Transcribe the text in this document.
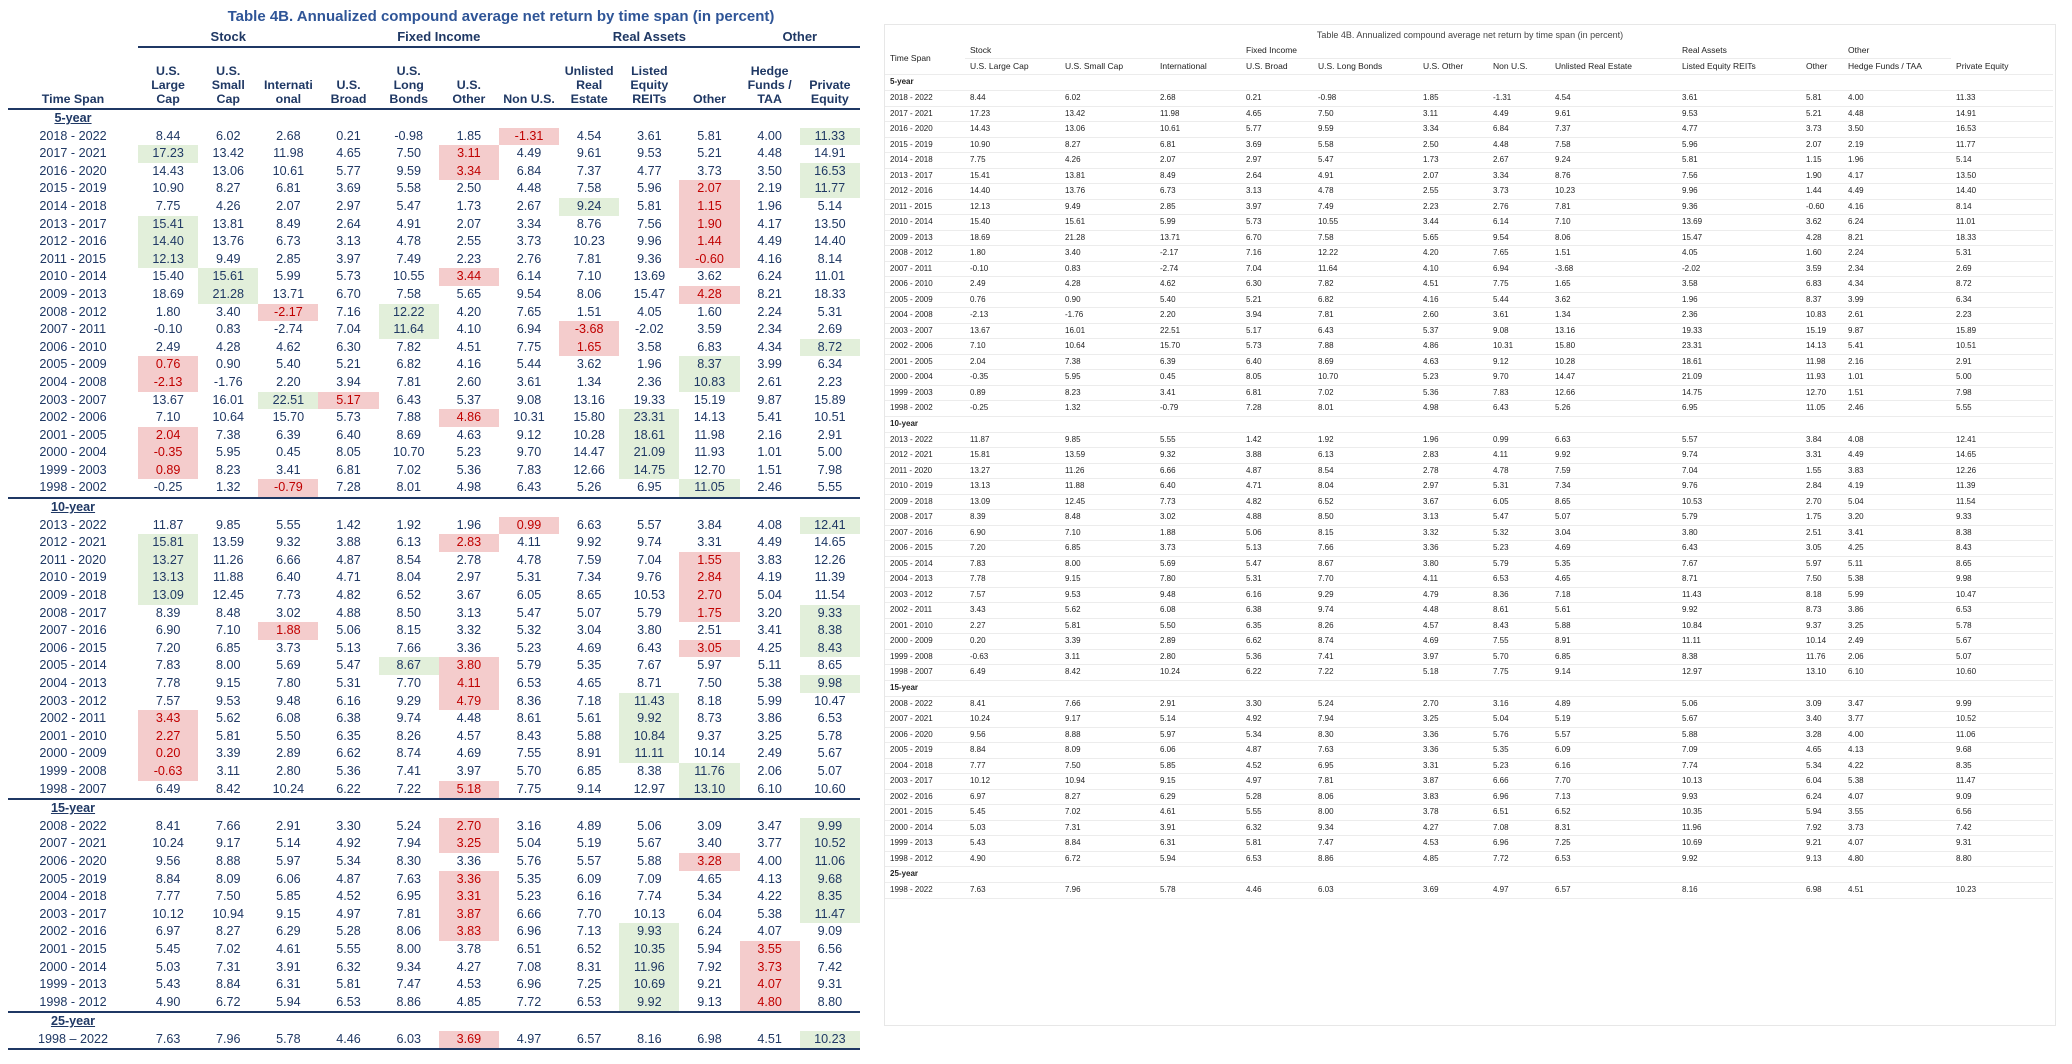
Table 4B. Annualized compound average net return by time span (in percent)
	Stock			Fixed Income				Real Assets			Other	
Time Span	U.S. Large Cap	U.S. Small Cap	Internati onal	U.S. Broad	U.S. Long Bonds	U.S. Other	Non U.S.	Unlisted Real Estate	Listed Equity REITs	Other	Hedge Funds / TAA	Private Equity
5-year												
2018 - 2022	8.44	6.02	2.68	0.21	-0.98	1.85	-1.31	4.54	3.61	5.81	4.00	11.33
2017 - 2021	17.23	13.42	11.98	4.65	7.50	3.11	4.49	9.61	9.53	5.21	4.48	14.91
2016 - 2020	14.43	13.06	10.61	5.77	9.59	3.34	6.84	7.37	4.77	3.73	3.50	16.53
2015 - 2019	10.90	8.27	6.81	3.69	5.58	2.50	4.48	7.58	5.96	2.07	2.19	11.77
2014 - 2018	7.75	4.26	2.07	2.97	5.47	1.73	2.67	9.24	5.81	1.15	1.96	5.14
2013 - 2017	15.41	13.81	8.49	2.64	4.91	2.07	3.34	8.76	7.56	1.90	4.17	13.50
2012 - 2016	14.40	13.76	6.73	3.13	4.78	2.55	3.73	10.23	9.96	1.44	4.49	14.40
2011 - 2015	12.13	9.49	2.85	3.97	7.49	2.23	2.76	7.81	9.36	-0.60	4.16	8.14
2010 - 2014	15.40	15.61	5.99	5.73	10.55	3.44	6.14	7.10	13.69	3.62	6.24	11.01
2009 - 2013	18.69	21.28	13.71	6.70	7.58	5.65	9.54	8.06	15.47	4.28	8.21	18.33
2008 - 2012	1.80	3.40	-2.17	7.16	12.22	4.20	7.65	1.51	4.05	1.60	2.24	5.31
2007 - 2011	-0.10	0.83	-2.74	7.04	11.64	4.10	6.94	-3.68	-2.02	3.59	2.34	2.69
2006 - 2010	2.49	4.28	4.62	6.30	7.82	4.51	7.75	1.65	3.58	6.83	4.34	8.72
2005 - 2009	0.76	0.90	5.40	5.21	6.82	4.16	5.44	3.62	1.96	8.37	3.99	6.34
2004 - 2008	-2.13	-1.76	2.20	3.94	7.81	2.60	3.61	1.34	2.36	10.83	2.61	2.23
2003 - 2007	13.67	16.01	22.51	5.17	6.43	5.37	9.08	13.16	19.33	15.19	9.87	15.89
2002 - 2006	7.10	10.64	15.70	5.73	7.88	4.86	10.31	15.80	23.31	14.13	5.41	10.51
2001 - 2005	2.04	7.38	6.39	6.40	8.69	4.63	9.12	10.28	18.61	11.98	2.16	2.91
2000 - 2004	-0.35	5.95	0.45	8.05	10.70	5.23	9.70	14.47	21.09	11.93	1.01	5.00
1999 - 2003	0.89	8.23	3.41	6.81	7.02	5.36	7.83	12.66	14.75	12.70	1.51	7.98
1998 - 2002	-0.25	1.32	-0.79	7.28	8.01	4.98	6.43	5.26	6.95	11.05	2.46	5.55
10-year												
2013 - 2022	11.87	9.85	5.55	1.42	1.92	1.96	0.99	6.63	5.57	3.84	4.08	12.41
2012 - 2021	15.81	13.59	9.32	3.88	6.13	2.83	4.11	9.92	9.74	3.31	4.49	14.65
2011 - 2020	13.27	11.26	6.66	4.87	8.54	2.78	4.78	7.59	7.04	1.55	3.83	12.26
2010 - 2019	13.13	11.88	6.40	4.71	8.04	2.97	5.31	7.34	9.76	2.84	4.19	11.39
2009 - 2018	13.09	12.45	7.73	4.82	6.52	3.67	6.05	8.65	10.53	2.70	5.04	11.54
2008 - 2017	8.39	8.48	3.02	4.88	8.50	3.13	5.47	5.07	5.79	1.75	3.20	9.33
2007 - 2016	6.90	7.10	1.88	5.06	8.15	3.32	5.32	3.04	3.80	2.51	3.41	8.38
2006 - 2015	7.20	6.85	3.73	5.13	7.66	3.36	5.23	4.69	6.43	3.05	4.25	8.43
2005 - 2014	7.83	8.00	5.69	5.47	8.67	3.80	5.79	5.35	7.67	5.97	5.11	8.65
2004 - 2013	7.78	9.15	7.80	5.31	7.70	4.11	6.53	4.65	8.71	7.50	5.38	9.98
2003 - 2012	7.57	9.53	9.48	6.16	9.29	4.79	8.36	7.18	11.43	8.18	5.99	10.47
2002 - 2011	3.43	5.62	6.08	6.38	9.74	4.48	8.61	5.61	9.92	8.73	3.86	6.53
2001 - 2010	2.27	5.81	5.50	6.35	8.26	4.57	8.43	5.88	10.84	9.37	3.25	5.78
2000 - 2009	0.20	3.39	2.89	6.62	8.74	4.69	7.55	8.91	11.11	10.14	2.49	5.67
1999 - 2008	-0.63	3.11	2.80	5.36	7.41	3.97	5.70	6.85	8.38	11.76	2.06	5.07
1998 - 2007	6.49	8.42	10.24	6.22	7.22	5.18	7.75	9.14	12.97	13.10	6.10	10.60
15-year												
2008 - 2022	8.41	7.66	2.91	3.30	5.24	2.70	3.16	4.89	5.06	3.09	3.47	9.99
2007 - 2021	10.24	9.17	5.14	4.92	7.94	3.25	5.04	5.19	5.67	3.40	3.77	10.52
2006 - 2020	9.56	8.88	5.97	5.34	8.30	3.36	5.76	5.57	5.88	3.28	4.00	11.06
2005 - 2019	8.84	8.09	6.06	4.87	7.63	3.36	5.35	6.09	7.09	4.65	4.13	9.68
2004 - 2018	7.77	7.50	5.85	4.52	6.95	3.31	5.23	6.16	7.74	5.34	4.22	8.35
2003 - 2017	10.12	10.94	9.15	4.97	7.81	3.87	6.66	7.70	10.13	6.04	5.38	11.47
2002 - 2016	6.97	8.27	6.29	5.28	8.06	3.83	6.96	7.13	9.93	6.24	4.07	9.09
2001 - 2015	5.45	7.02	4.61	5.55	8.00	3.78	6.51	6.52	10.35	5.94	3.55	6.56
2000 - 2014	5.03	7.31	3.91	6.32	9.34	4.27	7.08	8.31	11.96	7.92	3.73	7.42
1999 - 2013	5.43	8.84	6.31	5.81	7.47	4.53	6.96	7.25	10.69	9.21	4.07	9.31
1998 - 2012	4.90	6.72	5.94	6.53	8.86	4.85	7.72	6.53	9.92	9.13	4.80	8.80
25-year												
1998 – 2022	7.63	7.96	5.78	4.46	6.03	3.69	4.97	6.57	8.16	6.98	4.51	10.23
Table 4B. Annualized compound average net return by time span (in percent)
Time Span	Stock			Fixed Income					Real Assets		Other	
	U.S. Large Cap	U.S. Small Cap	International	U.S. Broad	U.S. Long Bonds	U.S. Other	Non U.S.	Unlisted Real Estate	Listed Equity REITs	Other	Hedge Funds / TAA	Private Equity
5-year												
2018 - 2022	8.44	6.02	2.68	0.21	-0.98	1.85	-1.31	4.54	3.61	5.81	4.00	11.33
2017 - 2021	17.23	13.42	11.98	4.65	7.50	3.11	4.49	9.61	9.53	5.21	4.48	14.91
2016 - 2020	14.43	13.06	10.61	5.77	9.59	3.34	6.84	7.37	4.77	3.73	3.50	16.53
2015 - 2019	10.90	8.27	6.81	3.69	5.58	2.50	4.48	7.58	5.96	2.07	2.19	11.77
2014 - 2018	7.75	4.26	2.07	2.97	5.47	1.73	2.67	9.24	5.81	1.15	1.96	5.14
2013 - 2017	15.41	13.81	8.49	2.64	4.91	2.07	3.34	8.76	7.56	1.90	4.17	13.50
2012 - 2016	14.40	13.76	6.73	3.13	4.78	2.55	3.73	10.23	9.96	1.44	4.49	14.40
2011 - 2015	12.13	9.49	2.85	3.97	7.49	2.23	2.76	7.81	9.36	-0.60	4.16	8.14
2010 - 2014	15.40	15.61	5.99	5.73	10.55	3.44	6.14	7.10	13.69	3.62	6.24	11.01
2009 - 2013	18.69	21.28	13.71	6.70	7.58	5.65	9.54	8.06	15.47	4.28	8.21	18.33
2008 - 2012	1.80	3.40	-2.17	7.16	12.22	4.20	7.65	1.51	4.05	1.60	2.24	5.31
2007 - 2011	-0.10	0.83	-2.74	7.04	11.64	4.10	6.94	-3.68	-2.02	3.59	2.34	2.69
2006 - 2010	2.49	4.28	4.62	6.30	7.82	4.51	7.75	1.65	3.58	6.83	4.34	8.72
2005 - 2009	0.76	0.90	5.40	5.21	6.82	4.16	5.44	3.62	1.96	8.37	3.99	6.34
2004 - 2008	-2.13	-1.76	2.20	3.94	7.81	2.60	3.61	1.34	2.36	10.83	2.61	2.23
2003 - 2007	13.67	16.01	22.51	5.17	6.43	5.37	9.08	13.16	19.33	15.19	9.87	15.89
2002 - 2006	7.10	10.64	15.70	5.73	7.88	4.86	10.31	15.80	23.31	14.13	5.41	10.51
2001 - 2005	2.04	7.38	6.39	6.40	8.69	4.63	9.12	10.28	18.61	11.98	2.16	2.91
2000 - 2004	-0.35	5.95	0.45	8.05	10.70	5.23	9.70	14.47	21.09	11.93	1.01	5.00
1999 - 2003	0.89	8.23	3.41	6.81	7.02	5.36	7.83	12.66	14.75	12.70	1.51	7.98
1998 - 2002	-0.25	1.32	-0.79	7.28	8.01	4.98	6.43	5.26	6.95	11.05	2.46	5.55
10-year												
2013 - 2022	11.87	9.85	5.55	1.42	1.92	1.96	0.99	6.63	5.57	3.84	4.08	12.41
2012 - 2021	15.81	13.59	9.32	3.88	6.13	2.83	4.11	9.92	9.74	3.31	4.49	14.65
2011 - 2020	13.27	11.26	6.66	4.87	8.54	2.78	4.78	7.59	7.04	1.55	3.83	12.26
2010 - 2019	13.13	11.88	6.40	4.71	8.04	2.97	5.31	7.34	9.76	2.84	4.19	11.39
2009 - 2018	13.09	12.45	7.73	4.82	6.52	3.67	6.05	8.65	10.53	2.70	5.04	11.54
2008 - 2017	8.39	8.48	3.02	4.88	8.50	3.13	5.47	5.07	5.79	1.75	3.20	9.33
2007 - 2016	6.90	7.10	1.88	5.06	8.15	3.32	5.32	3.04	3.80	2.51	3.41	8.38
2006 - 2015	7.20	6.85	3.73	5.13	7.66	3.36	5.23	4.69	6.43	3.05	4.25	8.43
2005 - 2014	7.83	8.00	5.69	5.47	8.67	3.80	5.79	5.35	7.67	5.97	5.11	8.65
2004 - 2013	7.78	9.15	7.80	5.31	7.70	4.11	6.53	4.65	8.71	7.50	5.38	9.98
2003 - 2012	7.57	9.53	9.48	6.16	9.29	4.79	8.36	7.18	11.43	8.18	5.99	10.47
2002 - 2011	3.43	5.62	6.08	6.38	9.74	4.48	8.61	5.61	9.92	8.73	3.86	6.53
2001 - 2010	2.27	5.81	5.50	6.35	8.26	4.57	8.43	5.88	10.84	9.37	3.25	5.78
2000 - 2009	0.20	3.39	2.89	6.62	8.74	4.69	7.55	8.91	11.11	10.14	2.49	5.67
1999 - 2008	-0.63	3.11	2.80	5.36	7.41	3.97	5.70	6.85	8.38	11.76	2.06	5.07
1998 - 2007	6.49	8.42	10.24	6.22	7.22	5.18	7.75	9.14	12.97	13.10	6.10	10.60
15-year												
2008 - 2022	8.41	7.66	2.91	3.30	5.24	2.70	3.16	4.89	5.06	3.09	3.47	9.99
2007 - 2021	10.24	9.17	5.14	4.92	7.94	3.25	5.04	5.19	5.67	3.40	3.77	10.52
2006 - 2020	9.56	8.88	5.97	5.34	8.30	3.36	5.76	5.57	5.88	3.28	4.00	11.06
2005 - 2019	8.84	8.09	6.06	4.87	7.63	3.36	5.35	6.09	7.09	4.65	4.13	9.68
2004 - 2018	7.77	7.50	5.85	4.52	6.95	3.31	5.23	6.16	7.74	5.34	4.22	8.35
2003 - 2017	10.12	10.94	9.15	4.97	7.81	3.87	6.66	7.70	10.13	6.04	5.38	11.47
2002 - 2016	6.97	8.27	6.29	5.28	8.06	3.83	6.96	7.13	9.93	6.24	4.07	9.09
2001 - 2015	5.45	7.02	4.61	5.55	8.00	3.78	6.51	6.52	10.35	5.94	3.55	6.56
2000 - 2014	5.03	7.31	3.91	6.32	9.34	4.27	7.08	8.31	11.96	7.92	3.73	7.42
1999 - 2013	5.43	8.84	6.31	5.81	7.47	4.53	6.96	7.25	10.69	9.21	4.07	9.31
1998 - 2012	4.90	6.72	5.94	6.53	8.86	4.85	7.72	6.53	9.92	9.13	4.80	8.80
25-year												
1998 - 2022	7.63	7.96	5.78	4.46	6.03	3.69	4.97	6.57	8.16	6.98	4.51	10.23
